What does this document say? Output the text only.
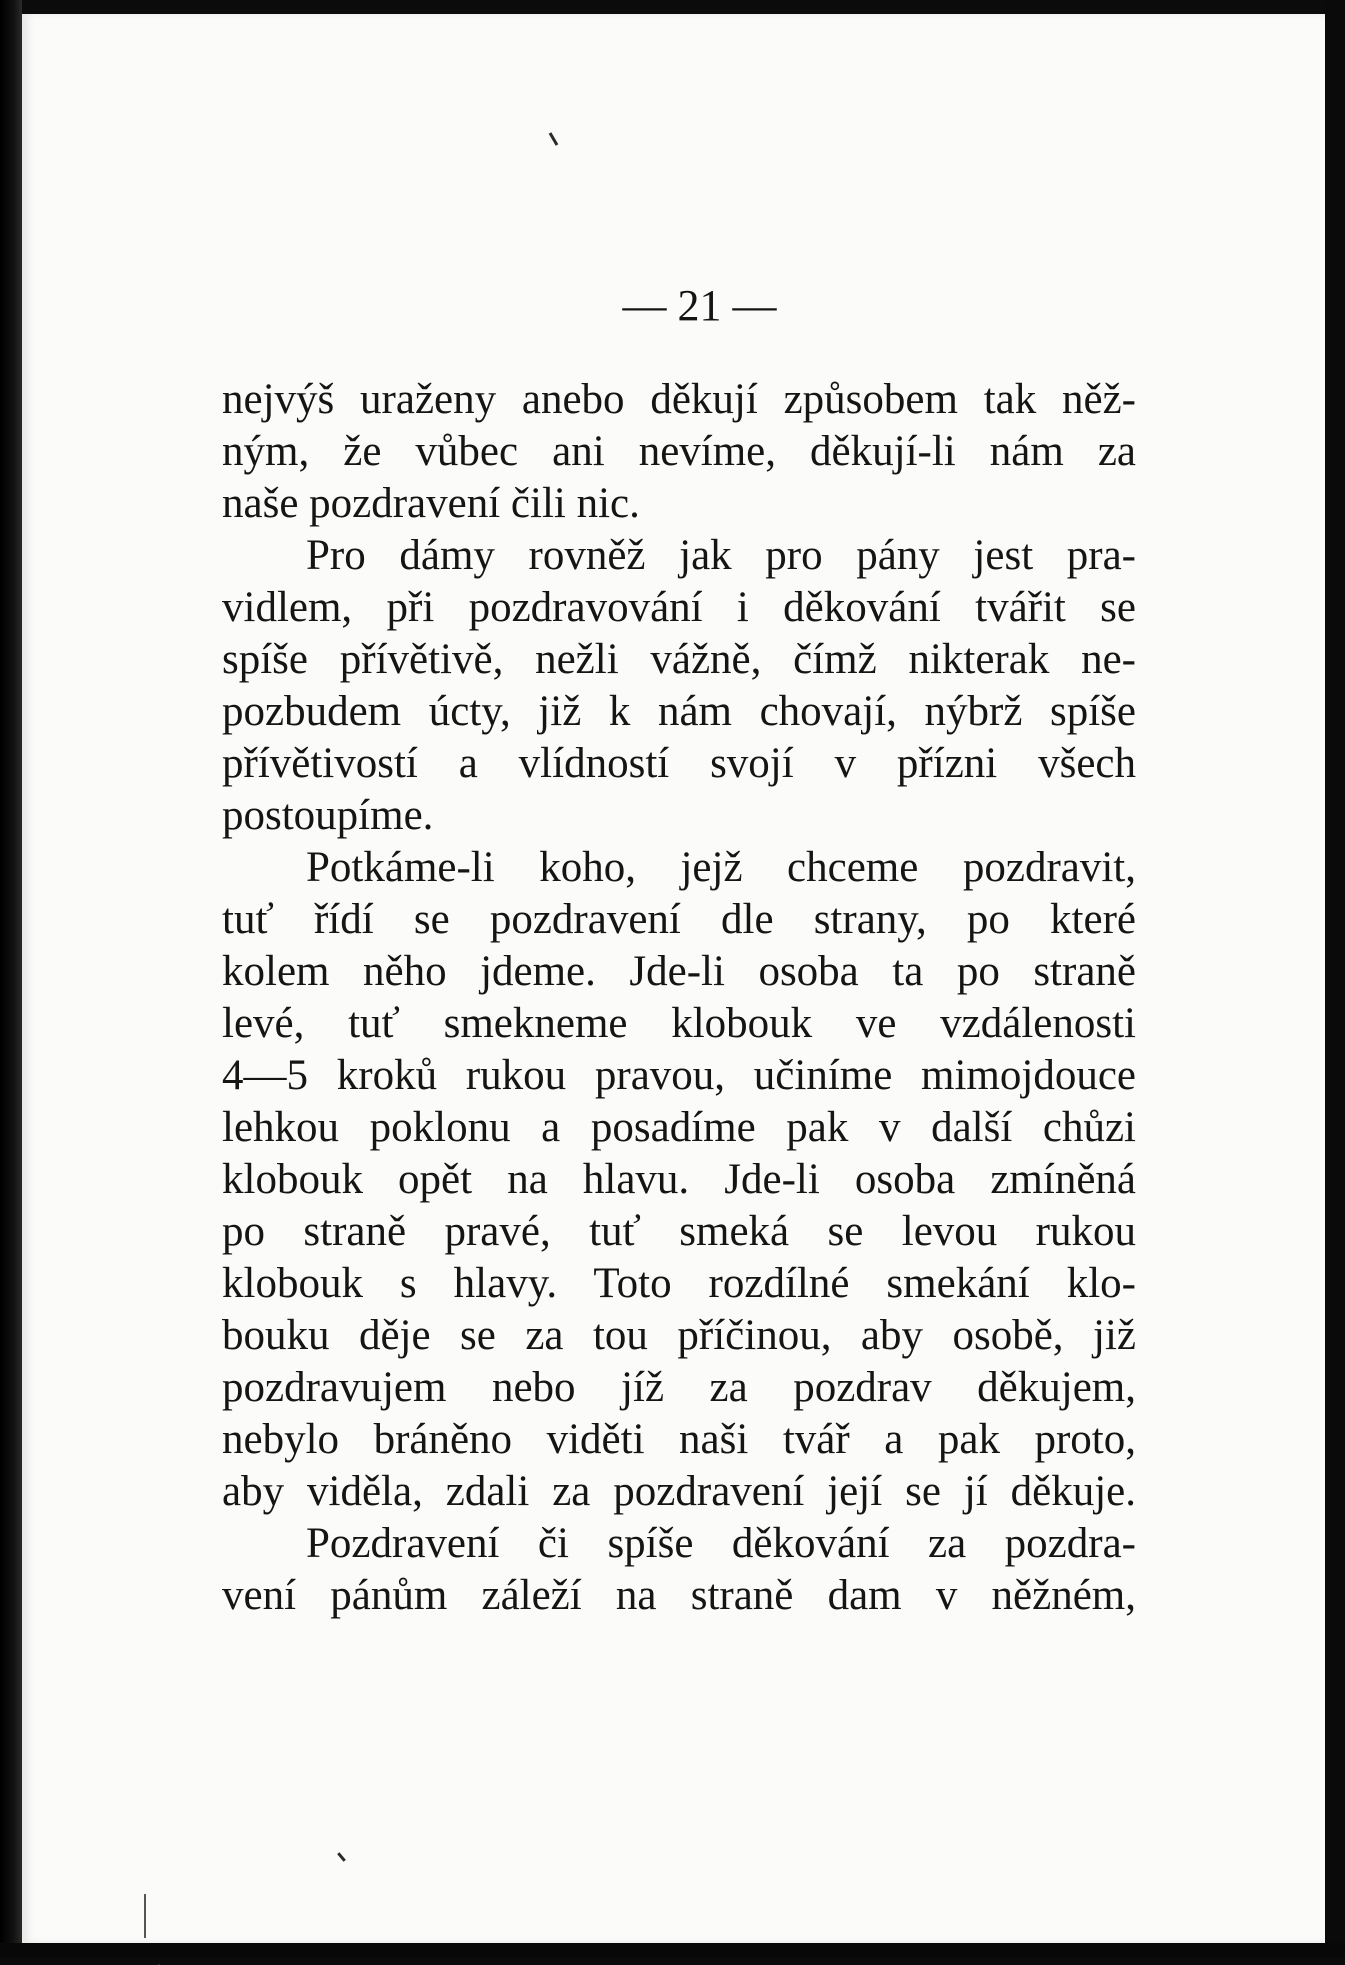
— 21 —
nejvýš uraženy anebo děkují způsobem tak něž-
ným, že vůbec ani nevíme, děkují-li nám za
naše pozdravení čili nic.
Pro dámy rovněž jak pro pány jest pra-
vidlem, při pozdravování i děkování tvářit se
spíše přívětivě, nežli vážně, čímž nikterak ne-
pozbudem úcty, již k nám chovají, nýbrž spíše
přívětivostí a vlídností svojí v přízni všech
postoupíme.
Potkáme-li koho, jejž chceme pozdravit,
tuť řídí se pozdravení dle strany, po které
kolem něho jdeme. Jde-li osoba ta po straně
levé, tuť smekneme klobouk ve vzdálenosti
4—5 kroků rukou pravou, učiníme mimojdouce
lehkou poklonu a posadíme pak v další chůzi
klobouk opět na hlavu. Jde-li osoba zmíněná
po straně pravé, tuť smeká se levou rukou
klobouk s hlavy. Toto rozdílné smekání klo-
bouku děje se za tou příčinou, aby osobě, již
pozdravujem nebo jíž za pozdrav děkujem,
nebylo bráněno viděti naši tvář a pak proto,
aby viděla, zdali za pozdravení její se jí děkuje.
Pozdravení či spíše děkování za pozdra-
vení pánům záleží na straně dam v něžném,
